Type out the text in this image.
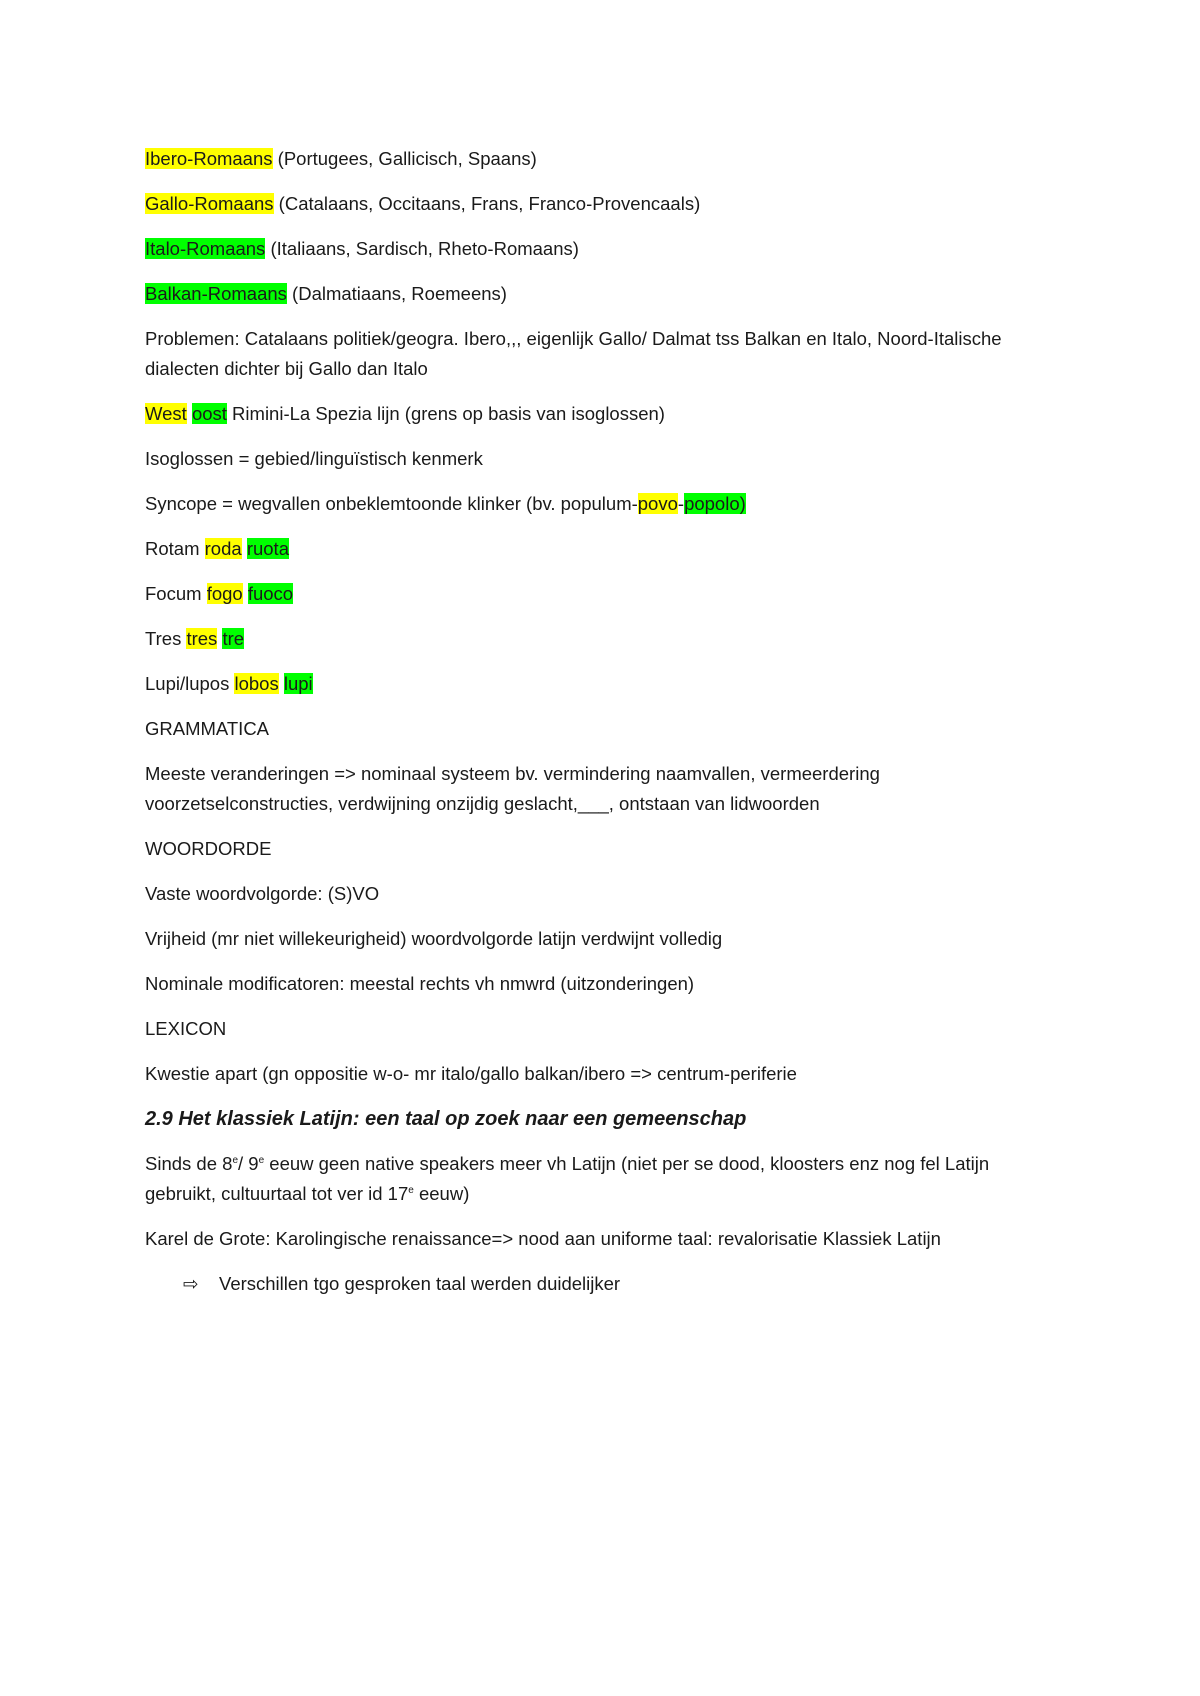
Ibero-Romaans (Portugees, Gallicisch, Spaans)

Gallo-Romaans (Catalaans, Occitaans, Frans, Franco-Provencaals)

Italo-Romaans (Italiaans, Sardisch, Rheto-Romaans)

Balkan-Romaans (Dalmatiaans, Roemeens)

Problemen: Catalaans politiek/geogra. Ibero,,, eigenlijk Gallo/ Dalmat tss Balkan en Italo, Noord-Italische dialecten dichter bij Gallo dan Italo

West oost Rimini-La Spezia lijn (grens op basis van isoglossen)

Isoglossen = gebied/linguïstisch kenmerk

Syncope = wegvallen onbeklemtoonde klinker (bv. populum-povo-popolo)

Rotam roda ruota

Focum fogo fuoco

Tres tres tre

Lupi/lupos lobos lupi

GRAMMATICA

Meeste veranderingen => nominaal systeem bv. vermindering naamvallen, vermeerdering voorzetselconstructies, verdwijning onzijdig geslacht,___, ontstaan van lidwoorden

WOORDORDE

Vaste woordvolgorde: (S)VO

Vrijheid (mr niet willekeurigheid) woordvolgorde latijn verdwijnt volledig

Nominale modificatoren: meestal rechts vh nmwrd (uitzonderingen)

LEXICON

Kwestie apart (gn oppositie w-o- mr italo/gallo balkan/ibero => centrum-periferie

2.9 Het klassiek Latijn: een taal op zoek naar een gemeenschap

Sinds de 8e/ 9e eeuw geen native speakers meer vh Latijn (niet per se dood, kloosters enz nog fel Latijn gebruikt, cultuurtaal tot ver id 17e eeuw)

Karel de Grote: Karolingische renaissance=> nood aan uniforme taal: revalorisatie Klassiek Latijn

⇨ Verschillen tgo gesproken taal werden duidelijker
